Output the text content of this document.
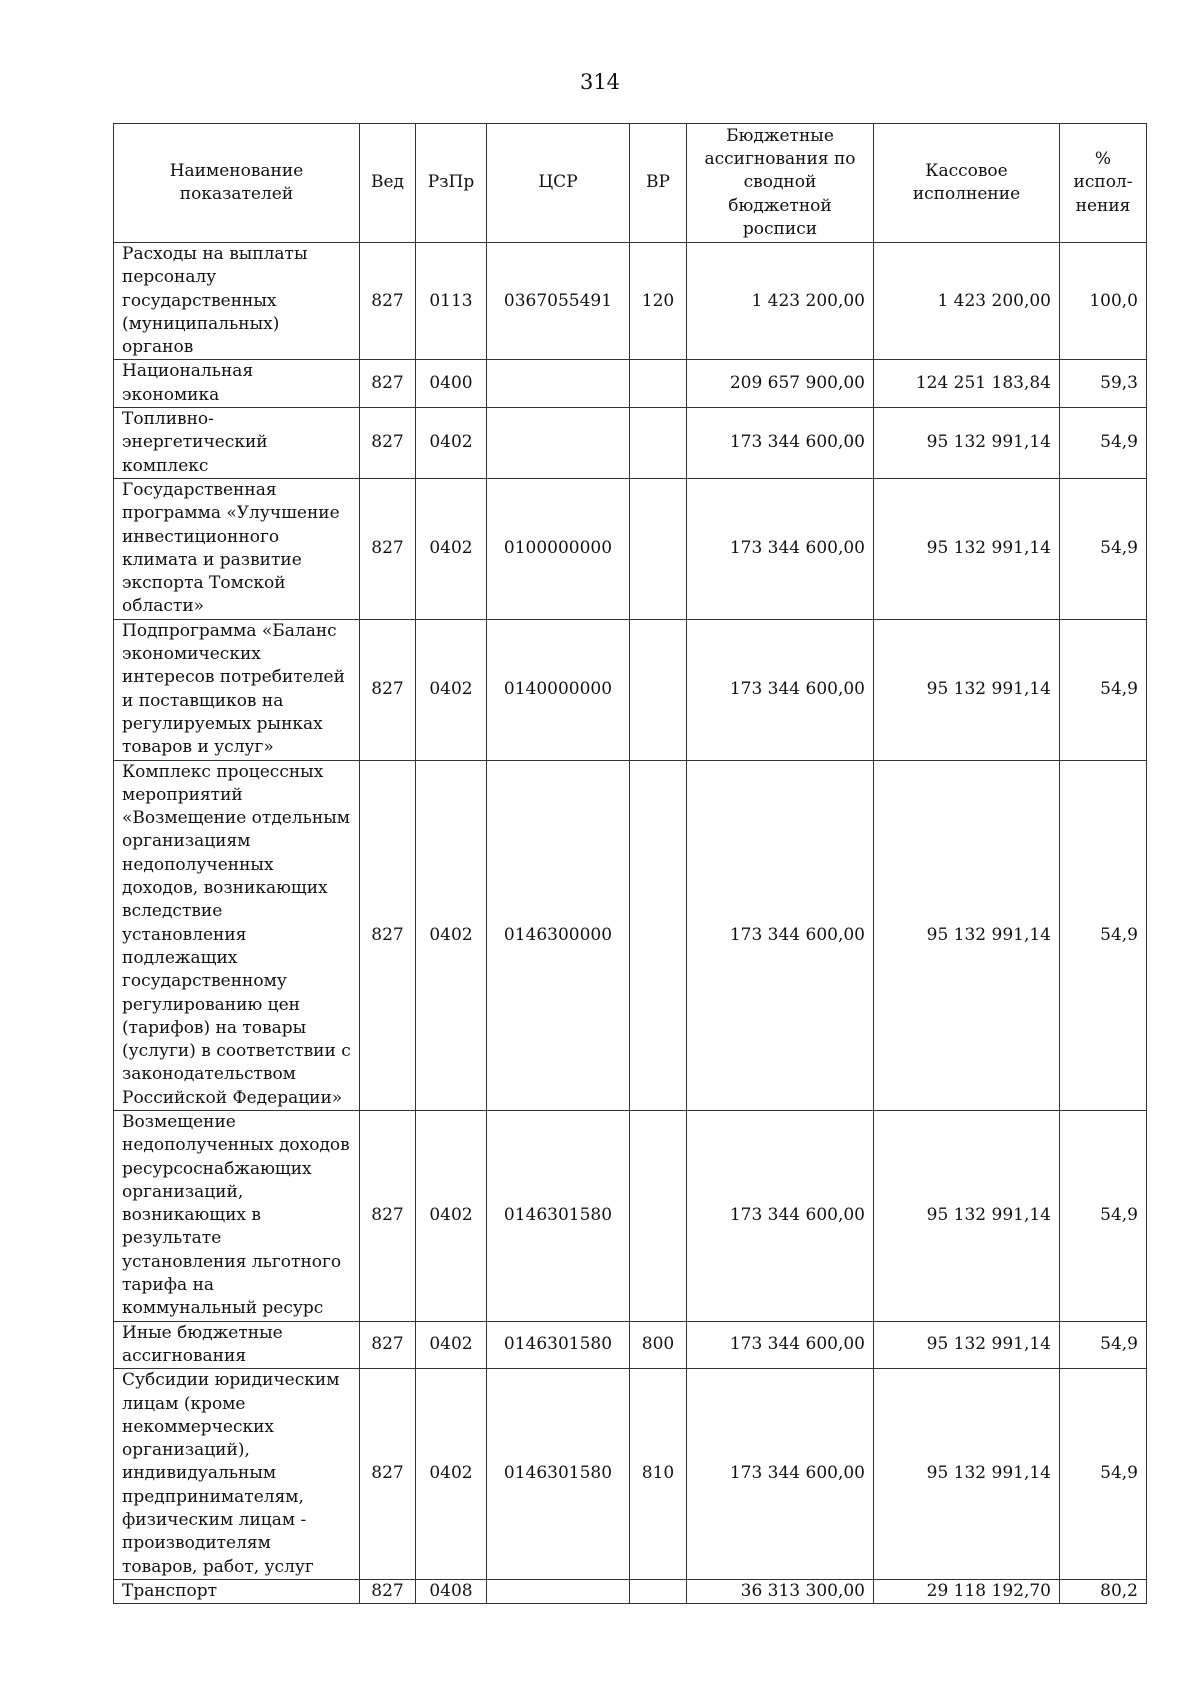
314
Наименование показателей	Вед	РзПр	ЦСР	ВР	Бюджетные ассигнования по сводной бюджетной росписи	Кассовое исполнение	% испол-нения
Расходы на выплаты персоналу государственных (муниципальных) органов	827	0113	0367055491	120	1 423 200,00	1 423 200,00	100,0
Национальная экономика	827	0400			209 657 900,00	124 251 183,84	59,3
Топливно-энергетический комплекс	827	0402			173 344 600,00	95 132 991,14	54,9
Государственная программа «Улучшение инвестиционного климата и развитие экспорта Томской области»	827	0402	0100000000		173 344 600,00	95 132 991,14	54,9
Подпрограмма «Баланс экономических интересов потребителей и поставщиков на регулируемых рынках товаров и услуг»	827	0402	0140000000		173 344 600,00	95 132 991,14	54,9
Комплекс процессных мероприятий «Возмещение отдельным организациям недополученных доходов, возникающих вследствие установления подлежащих государственному регулированию цен (тарифов) на товары (услуги) в соответствии с законодательством Российской Федерации»	827	0402	0146300000		173 344 600,00	95 132 991,14	54,9
Возмещение недополученных доходов ресурсоснабжающих организаций, возникающих в результате установления льготного тарифа на коммунальный ресурс	827	0402	0146301580		173 344 600,00	95 132 991,14	54,9
Иные бюджетные ассигнования	827	0402	0146301580	800	173 344 600,00	95 132 991,14	54,9
Субсидии юридическим лицам (кроме некоммерческих организаций), индивидуальным предпринимателям, физическим лицам - производителям товаров, работ, услуг	827	0402	0146301580	810	173 344 600,00	95 132 991,14	54,9
Транспорт	827	0408			36 313 300,00	29 118 192,70	80,2
